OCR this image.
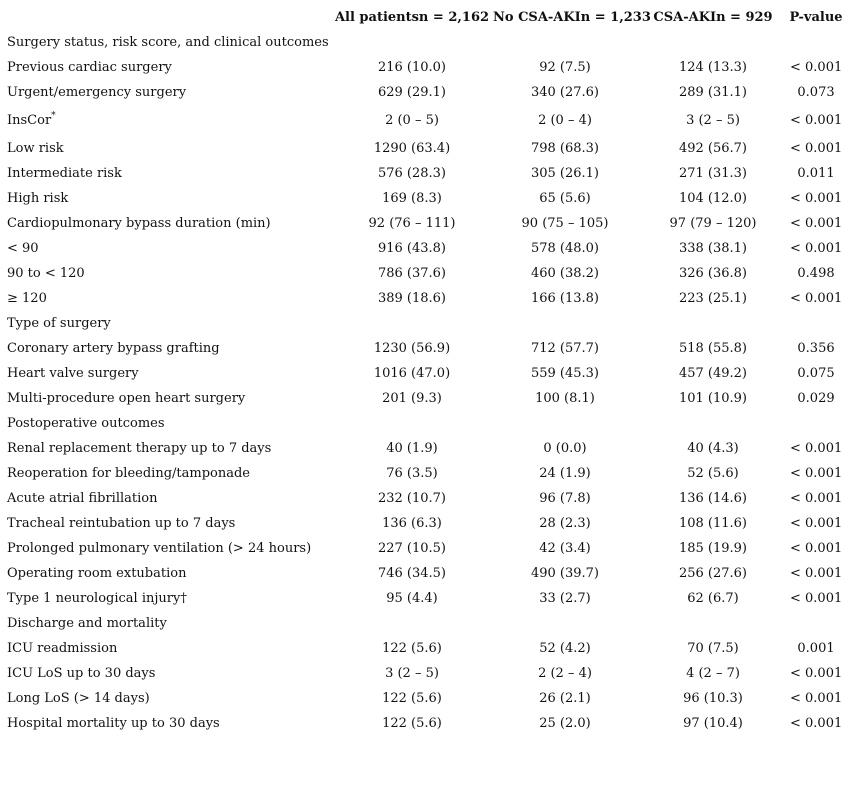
	All patientsn = 2,162	No CSA-AKIn = 1,233	CSA-AKIn = 929	P-value
Surgery status, risk score, and clinical outcomes				
Previous cardiac surgery	216 (10.0)	92 (7.5)	124 (13.3)	< 0.001
Urgent/emergency surgery	629 (29.1)	340 (27.6)	289 (31.1)	0.073
InsCor*	2 (0 – 5)	2 (0 – 4)	3 (2 – 5)	< 0.001
Low risk	1290 (63.4)	798 (68.3)	492 (56.7)	< 0.001
Intermediate risk	576 (28.3)	305 (26.1)	271 (31.3)	0.011
High risk	169 (8.3)	65 (5.6)	104 (12.0)	< 0.001
Cardiopulmonary bypass duration (min)	92 (76 – 111)	90 (75 – 105)	97 (79 – 120)	< 0.001
< 90	916 (43.8)	578 (48.0)	338 (38.1)	< 0.001
90 to < 120	786 (37.6)	460 (38.2)	326 (36.8)	0.498
≥ 120	389 (18.6)	166 (13.8)	223 (25.1)	< 0.001
Type of surgery				
Coronary artery bypass grafting	1230 (56.9)	712 (57.7)	518 (55.8)	0.356
Heart valve surgery	1016 (47.0)	559 (45.3)	457 (49.2)	0.075
Multi-procedure open heart surgery	201 (9.3)	100 (8.1)	101 (10.9)	0.029
Postoperative outcomes				
Renal replacement therapy up to 7 days	40 (1.9)	0 (0.0)	40 (4.3)	< 0.001
Reoperation for bleeding/tamponade	76 (3.5)	24 (1.9)	52 (5.6)	< 0.001
Acute atrial fibrillation	232 (10.7)	96 (7.8)	136 (14.6)	< 0.001
Tracheal reintubation up to 7 days	136 (6.3)	28 (2.3)	108 (11.6)	< 0.001
Prolonged pulmonary ventilation (> 24 hours)	227 (10.5)	42 (3.4)	185 (19.9)	< 0.001
Operating room extubation	746 (34.5)	490 (39.7)	256 (27.6)	< 0.001
Type 1 neurological injury†	95 (4.4)	33 (2.7)	62 (6.7)	< 0.001
Discharge and mortality				
ICU readmission	122 (5.6)	52 (4.2)	70 (7.5)	0.001
ICU LoS up to 30 days	3 (2 – 5)	2 (2 – 4)	4 (2 – 7)	< 0.001
Long LoS (> 14 days)	122 (5.6)	26 (2.1)	96 (10.3)	< 0.001
Hospital mortality up to 30 days	122 (5.6)	25 (2.0)	97 (10.4)	< 0.001
